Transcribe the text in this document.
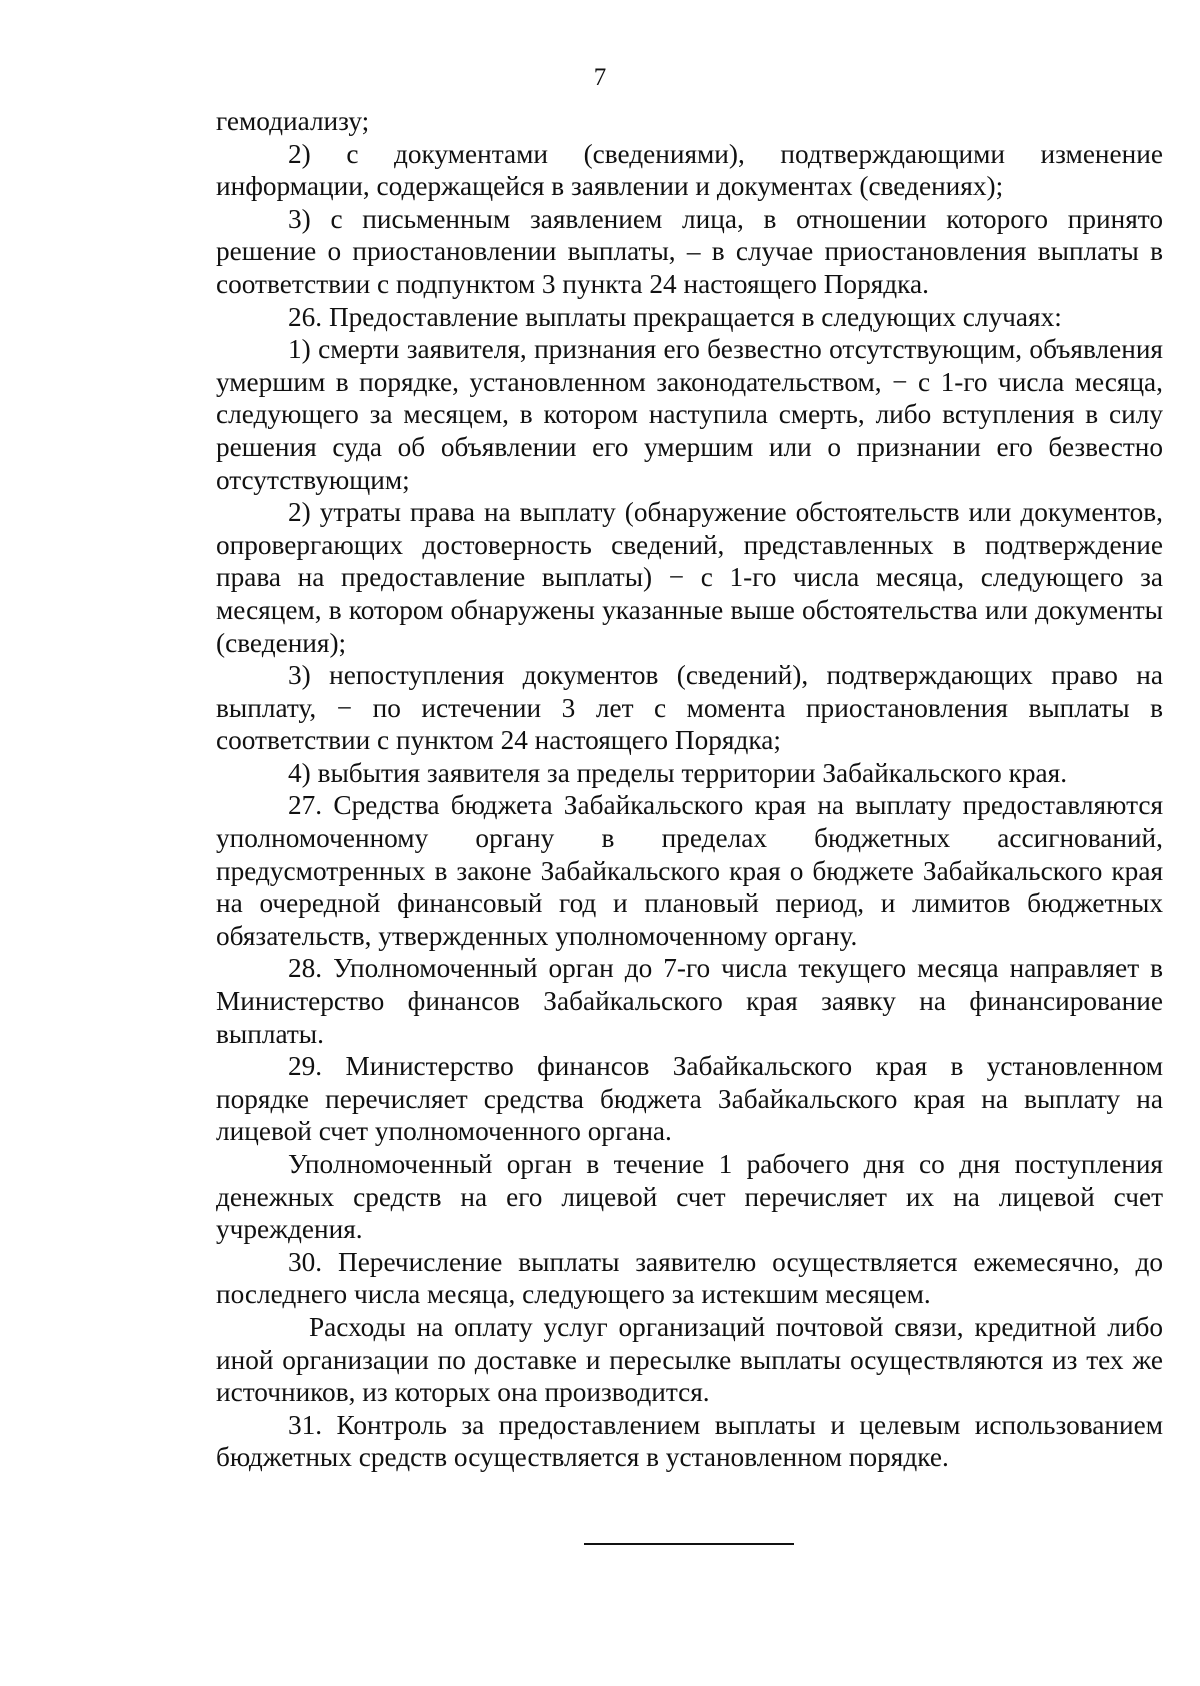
7

гемодиализу;

2) с документами (сведениями), подтверждающими изменение информации, содержащейся в заявлении и документах (сведениях);

3) с письменным заявлением лица, в отношении которого принято решение о приостановлении выплаты, – в случае приостановления выплаты в соответствии с подпунктом 3 пункта 24 настоящего Порядка.

26. Предоставление выплаты прекращается в следующих случаях:

1) смерти заявителя, признания его безвестно отсутствующим, объявления умершим в порядке, установленном законодательством, − с 1-го числа месяца, следующего за месяцем, в котором наступила смерть, либо вступления в силу решения суда об объявлении его умершим или о признании его безвестно отсутствующим;

2) утраты права на выплату (обнаружение обстоятельств или документов, опровергающих достоверность сведений, представленных в подтверждение права на предоставление выплаты) − с 1-го числа месяца, следующего за месяцем, в котором обнаружены указанные выше обстоятельства или документы (сведения);

3) непоступления документов (сведений), подтверждающих право на выплату, − по истечении 3 лет с момента приостановления выплаты в соответствии с пунктом 24 настоящего Порядка;

4) выбытия заявителя за пределы территории Забайкальского края.

27. Средства бюджета Забайкальского края на выплату предоставляются уполномоченному органу в пределах бюджетных ассигнований, предусмотренных в законе Забайкальского края о бюджете Забайкальского края на очередной финансовый год и плановый период, и лимитов бюджетных обязательств, утвержденных уполномоченному органу.

28. Уполномоченный орган до 7-го числа текущего месяца направляет в Министерство финансов Забайкальского края заявку на финансирование выплаты.

29. Министерство финансов Забайкальского края в установленном порядке перечисляет средства бюджета Забайкальского края на выплату на лицевой счет уполномоченного органа.

Уполномоченный орган в течение 1 рабочего дня со дня поступления денежных средств на его лицевой счет перечисляет их на лицевой счет учреждения.

30. Перечисление выплаты заявителю осуществляется ежемесячно, до последнего числа месяца, следующего за истекшим месяцем.

Расходы на оплату услуг организаций почтовой связи, кредитной либо иной организации по доставке и пересылке выплаты осуществляются из тех же источников, из которых она производится.

31. Контроль за предоставлением выплаты и целевым использованием бюджетных средств осуществляется в установленном порядке.
